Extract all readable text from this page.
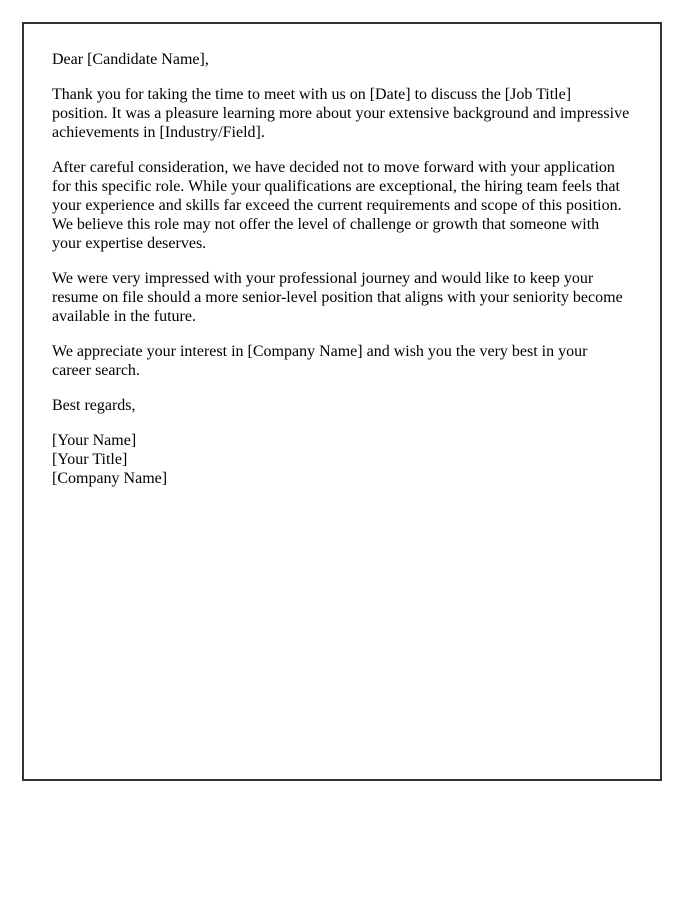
Dear [Candidate Name],

Thank you for taking the time to meet with us on [Date] to discuss the [Job Title] position. It was a pleasure learning more about your extensive background and impressive achievements in [Industry/Field].

After careful consideration, we have decided not to move forward with your application for this specific role. While your qualifications are exceptional, the hiring team feels that your experience and skills far exceed the current requirements and scope of this position. We believe this role may not offer the level of challenge or growth that someone with your expertise deserves.

We were very impressed with your professional journey and would like to keep your resume on file should a more senior-level position that aligns with your seniority become available in the future.

We appreciate your interest in [Company Name] and wish you the very best in your career search.

Best regards,

[Your Name]
[Your Title]
[Company Name]
